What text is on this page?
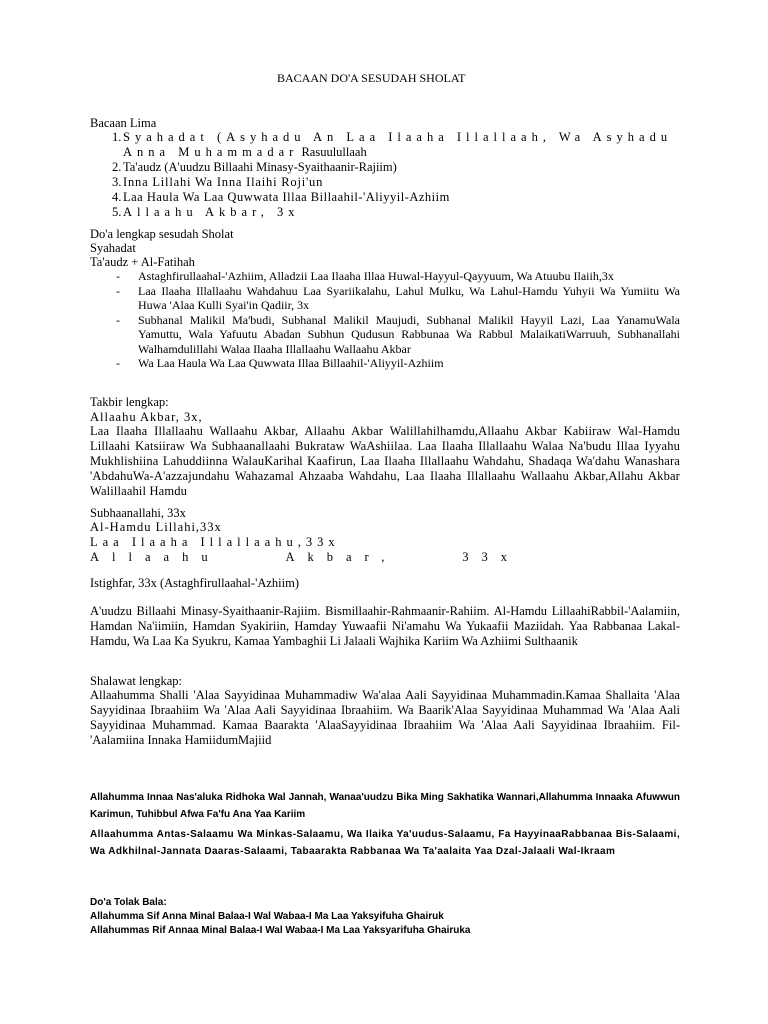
BACAAN DO'A SESUDAH SHOLAT
Bacaan Lima
1. Syahadat (Asyhadu An Laa Ilaaha Illallaah, Wa Asyhadu
Anna Muhammadar Rasuulullaah
2. Ta'audz (A'uudzu Billaahi Minasy-Syaithaanir-Rajiim)
3. Inna Lillahi Wa Inna Ilaihi Roji'un
4. Laa Haula Wa Laa Quwwata Illaa Billaahil-'Aliyyil-Azhiim
5. Allaahu Akbar, 3x
Do'a lengkap sesudah Sholat
Syahadat
Ta'audz + Al-Fatihah
- Astaghfirullaahal-'Azhiim, Alladzii Laa Ilaaha Illaa Huwal-Hayyul-Qayyuum, Wa Atuubu Ilaiih,3x
- Laa Ilaaha Illallaahu Wahdahuu Laa Syariikalahu, Lahul Mulku, Wa Lahul-Hamdu Yuhyii Wa Yumiitu Wa Huwa 'Alaa Kulli Syai'in Qadiir, 3x
- Subhanal Malikil Ma'budi, Subhanal Malikil Maujudi, Subhanal Malikil Hayyil Lazi, Laa YanamuWala Yamuttu, Wala Yafuutu Abadan Subhun Qudusun Rabbunaa Wa Rabbul MalaikatiWarruuh, Subhanallahi Walhamdulillahi Walaa Ilaaha Illallaahu Wallaahu Akbar
- Wa Laa Haula Wa Laa Quwwata Illaa Billaahil-'Aliyyil-Azhiim
Takbir lengkap:
Allaahu Akbar, 3x,
Laa Ilaaha Illallaahu Wallaahu Akbar, Allaahu Akbar Walillahilhamdu,Allaahu Akbar Kabiiraw Wal-Hamdu Lillaahi Katsiiraw Wa Subhaanallaahi Bukrataw WaAshiilaa. Laa Ilaaha Illallaahu Walaa Na'budu Illaa Iyyahu Mukhlishiina Lahuddiinna WalauKarihal Kaafirun, Laa Ilaaha Illallaahu Wahdahu, Shadaqa Wa'dahu Wanashara 'AbdahuWa-A'azzajundahu Wahazamal Ahzaaba Wahdahu, Laa Ilaaha Illallaahu Wallaahu Akbar,Allahu Akbar Walillaahil Hamdu
Subhaanallahi, 33x
Al-Hamdu Lillahi,33x
Laa Ilaaha Illallaahu,33x
Allaahu	Akbar,	33x
Istighfar, 33x (Astaghfirullaahal-'Azhiim)
A'uudzu Billaahi Minasy-Syaithaanir-Rajiim. Bismillaahir-Rahmaanir-Rahiim. Al-Hamdu LillaahiRabbil-'Aalamiin, Hamdan Na'iimiin, Hamdan Syakiriin, Hamday Yuwaafii Ni'amahu Wa Yukaafii Maziidah. Yaa Rabbanaa Lakal-Hamdu, Wa Laa Ka Syukru, Kamaa Yambaghii Li Jalaali Wajhika Kariim Wa Azhiimi Sulthaanik
Shalawat lengkap:
Allaahumma Shalli 'Alaa Sayyidinaa Muhammadiw Wa'alaa Aali Sayyidinaa Muhammadin.Kamaa Shallaita 'Alaa Sayyidinaa Ibraahiim Wa 'Alaa Aali Sayyidinaa Ibraahiim. Wa Baarik'Alaa Sayyidinaa Muhammad Wa 'Alaa Aali Sayyidinaa Muhammad. Kamaa Baarakta 'AlaaSayyidinaa Ibraahiim Wa 'Alaa Aali Sayyidinaa Ibraahiim. Fil-'Aalamiina Innaka HamiidumMajiid
Allahumma Innaa Nas'aluka Ridhoka Wal Jannah, Wanaa'uudzu Bika Ming Sakhatika Wannari,Allahumma Innaaka Afuwwun Karimun, Tuhibbul Afwa Fa'fu Ana Yaa Kariim
Allaahumma Antas-Salaamu Wa Minkas-Salaamu, Wa Ilaika Ya'uudus-Salaamu, Fa HayyinaaRabbanaa Bis-Salaami, Wa Adkhilnal-Jannata Daaras-Salaami, Tabaarakta Rabbanaa Wa Ta'aalaita Yaa Dzal-Jalaali Wal-Ikraam
Do'a Tolak Bala:
Allahumma Sif Anna Minal Balaa-I Wal Wabaa-I Ma Laa Yaksyifuha Ghairuk
Allahummas Rif Annaa Minal Balaa-I Wal Wabaa-I Ma Laa Yaksyarifuha Ghairuka
